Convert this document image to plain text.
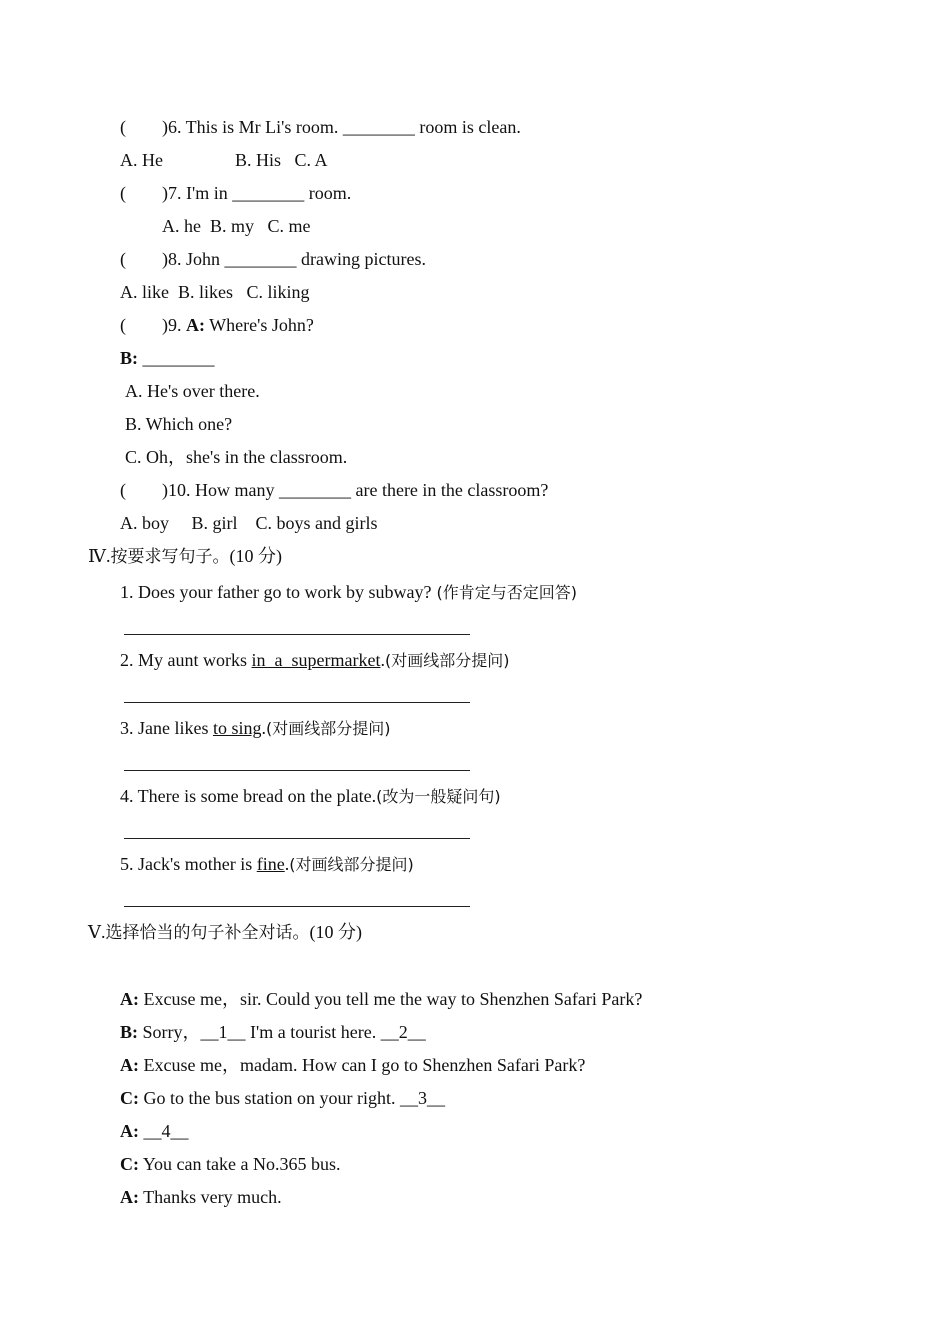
(        )6. This is Mr Li's room. ________ room is clean.
A. He                B. His   C. A
(        )7. I'm in ________ room.
A. he  B. my   C. me
(        )8. John ________ drawing pictures.
A. like  B. likes   C. liking
(        )9. A: Where's John?
B: ________
A. He's over there.
B. Which one?
C. Oh，she's in the classroom.
(        )10. How many ________ are there in the classroom?
A. boy     B. girl    C. boys and girls
Ⅳ.按要求写句子。(10 分)
1. Does your father go to work by subway? (作肯定与否定回答)
2. My aunt works in  a  supermarket.(对画线部分提问)
3. Jane likes to sing.(对画线部分提问)
4. There is some bread on the plate.(改为一般疑问句)
5. Jack's mother is fine.(对画线部分提问)
Ⅴ.选择恰当的句子补全对话。(10 分)
A: Excuse me，sir. Could you tell me the way to Shenzhen Safari Park?
B: Sorry，__1__ I'm a tourist here. __2__
A: Excuse me，madam. How can I go to Shenzhen Safari Park?
C: Go to the bus station on your right. __3__
A: __4__
C: You can take a No.365 bus.
A: Thanks very much.
